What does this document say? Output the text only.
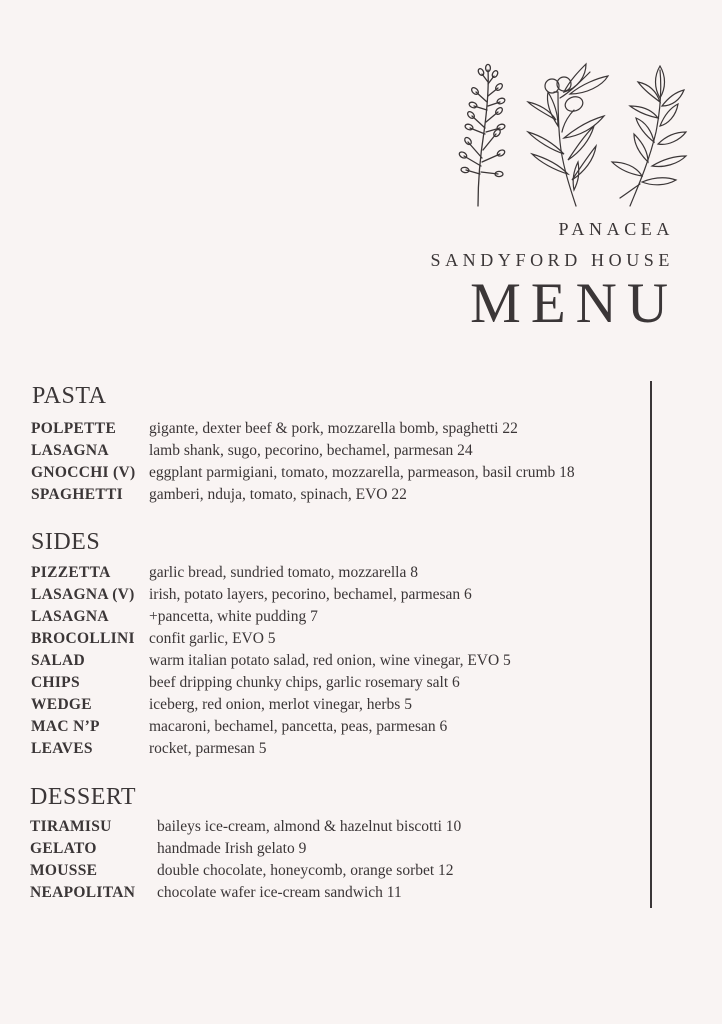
PANACEA
SANDYFORD HOUSE
MENU
PASTA
POLPETTE gigante, dexter beef & pork, mozzarella bomb, spaghetti 22
LASAGNA	lamb shank, sugo, pecorino, bechamel, parmesan 24
GNOCCHI (V) eggplant parmigiani, tomato, mozzarella, parmeason, basil crumb 18
SPAGHETTI gamberi, nduja, tomato, spinach, EVO 22
SIDES
PIZZETTA garlic bread, sundried tomato, mozzarella 8
LASAGNA (V) irish, potato layers, pecorino, bechamel, parmesan 6
LASAGNA	+pancetta, white pudding 7
BROCOLLINI confit garlic, EVO 5
SALAD	warm italian potato salad, red onion, wine vinegar, EVO 5
CHIPS	beef dripping chunky chips, garlic rosemary salt 6
WEDGE	iceberg, red onion, merlot vinegar, herbs 5
MAC N’P	macaroni, bechamel, pancetta, peas, parmesan 6
LEAVES	rocket, parmesan 5
DESSERT
TIRAMISU	baileys ice-cream, almond & hazelnut biscotti 10
GELATO	handmade Irish gelato 9
MOUSSE	double chocolate, honeycomb, orange sorbet 12
NEAPOLITAN chocolate wafer ice-cream sandwich 11
